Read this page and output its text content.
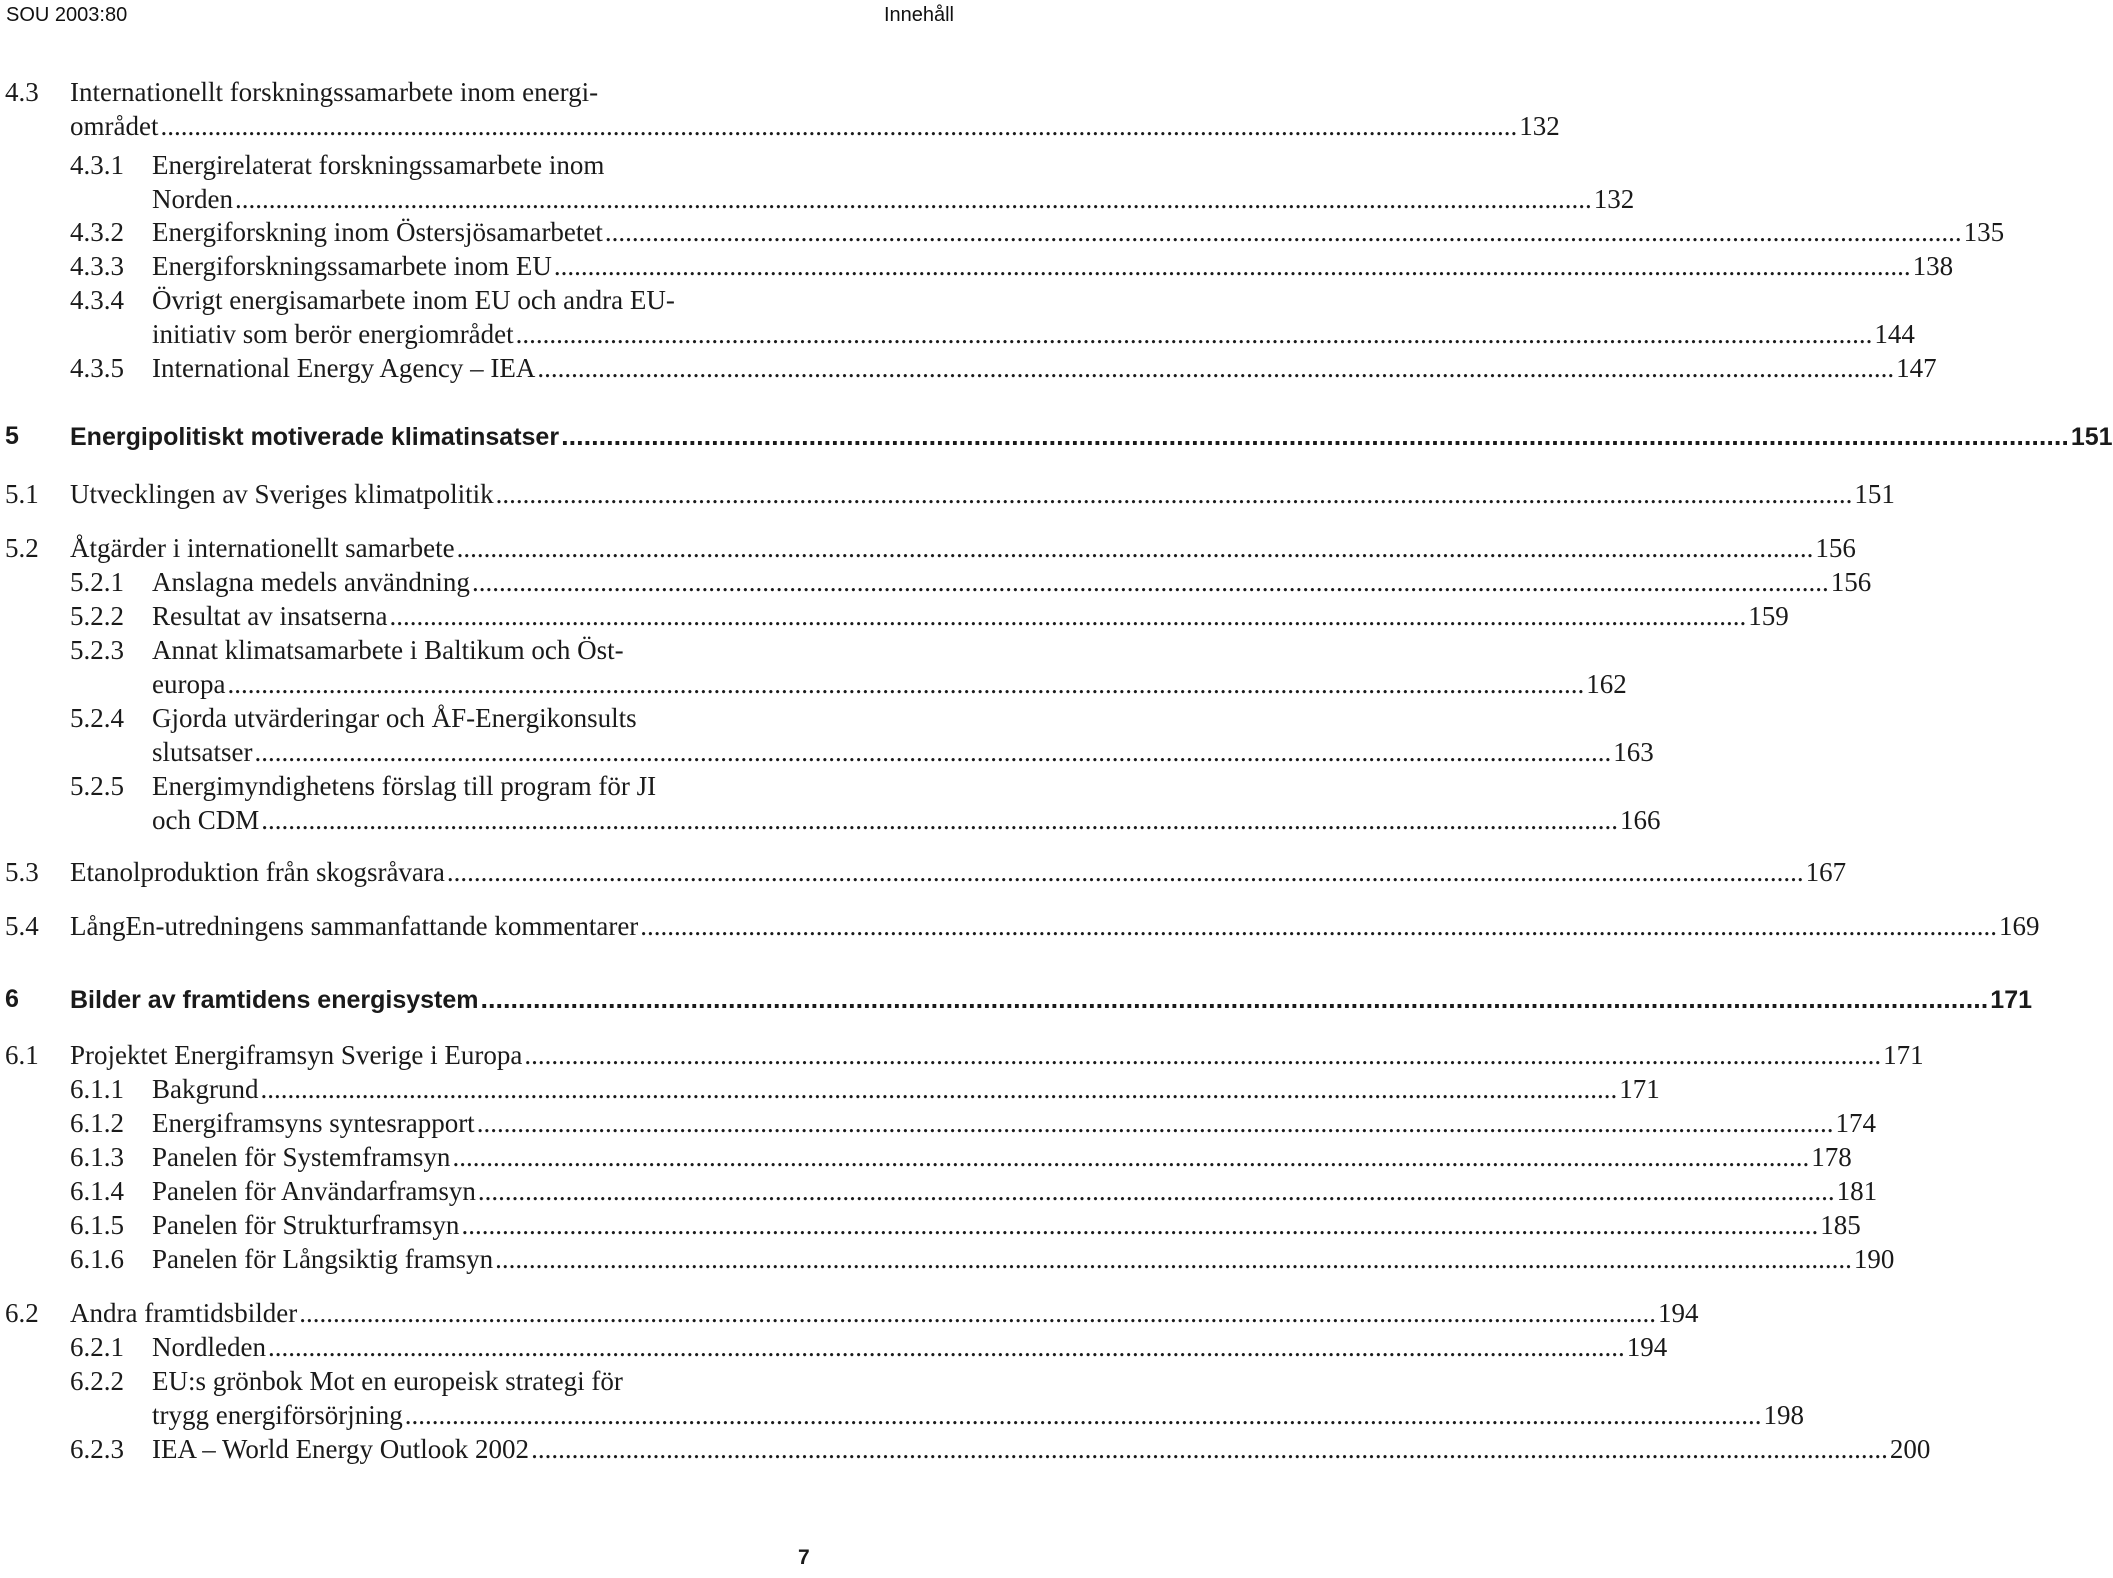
SOU 2003:80	Innehåll
4.3 Internationellt forskningssamarbete inom energi-
området ......................................................................................................................................................................................................... 132
4.3.1 Energirelaterat forskningssamarbete inom
Norden ......................................................................................................................................................................................................... 132
4.3.2 Energiforskning inom Östersjösamarbetet ......................................................................................................................................................................................................... 135
4.3.3 Energiforskningssamarbete inom EU ......................................................................................................................................................................................................... 138
4.3.4 Övrigt energisamarbete inom EU och andra EU-
initiativ som berör energiområdet ......................................................................................................................................................................................................... 144
4.3.5 International Energy Agency – IEA ......................................................................................................................................................................................................... 147
5 Energipolitiskt motiverade klimatinsatser ......................................................................................................................................................................................................... 151
5.1 Utvecklingen av Sveriges klimatpolitik ......................................................................................................................................................................................................... 151
5.2 Åtgärder i internationellt samarbete ......................................................................................................................................................................................................... 156
5.2.1 Anslagna medels användning ......................................................................................................................................................................................................... 156
5.2.2 Resultat av insatserna ......................................................................................................................................................................................................... 159
5.2.3 Annat klimatsamarbete i Baltikum och Öst-
europa ......................................................................................................................................................................................................... 162
5.2.4 Gjorda utvärderingar och ÅF-Energikonsults
slutsatser ......................................................................................................................................................................................................... 163
5.2.5 Energimyndighetens förslag till program för JI
och CDM ......................................................................................................................................................................................................... 166
5.3 Etanolproduktion från skogsråvara ......................................................................................................................................................................................................... 167
5.4 LångEn-utredningens sammanfattande kommentarer ......................................................................................................................................................................................................... 169
6 Bilder av framtidens energisystem ......................................................................................................................................................................................................... 171
6.1 Projektet Energiframsyn Sverige i Europa ......................................................................................................................................................................................................... 171
6.1.1 Bakgrund ......................................................................................................................................................................................................... 171
6.1.2 Energiframsyns syntesrapport ......................................................................................................................................................................................................... 174
6.1.3 Panelen för Systemframsyn ......................................................................................................................................................................................................... 178
6.1.4 Panelen för Användarframsyn ......................................................................................................................................................................................................... 181
6.1.5 Panelen för Strukturframsyn ......................................................................................................................................................................................................... 185
6.1.6 Panelen för Långsiktig framsyn ......................................................................................................................................................................................................... 190
6.2 Andra framtidsbilder ......................................................................................................................................................................................................... 194
6.2.1 Nordleden ......................................................................................................................................................................................................... 194
6.2.2 EU:s grönbok Mot en europeisk strategi för
trygg energiförsörjning ......................................................................................................................................................................................................... 198
6.2.3 IEA – World Energy Outlook 2002 ......................................................................................................................................................................................................... 200
7
